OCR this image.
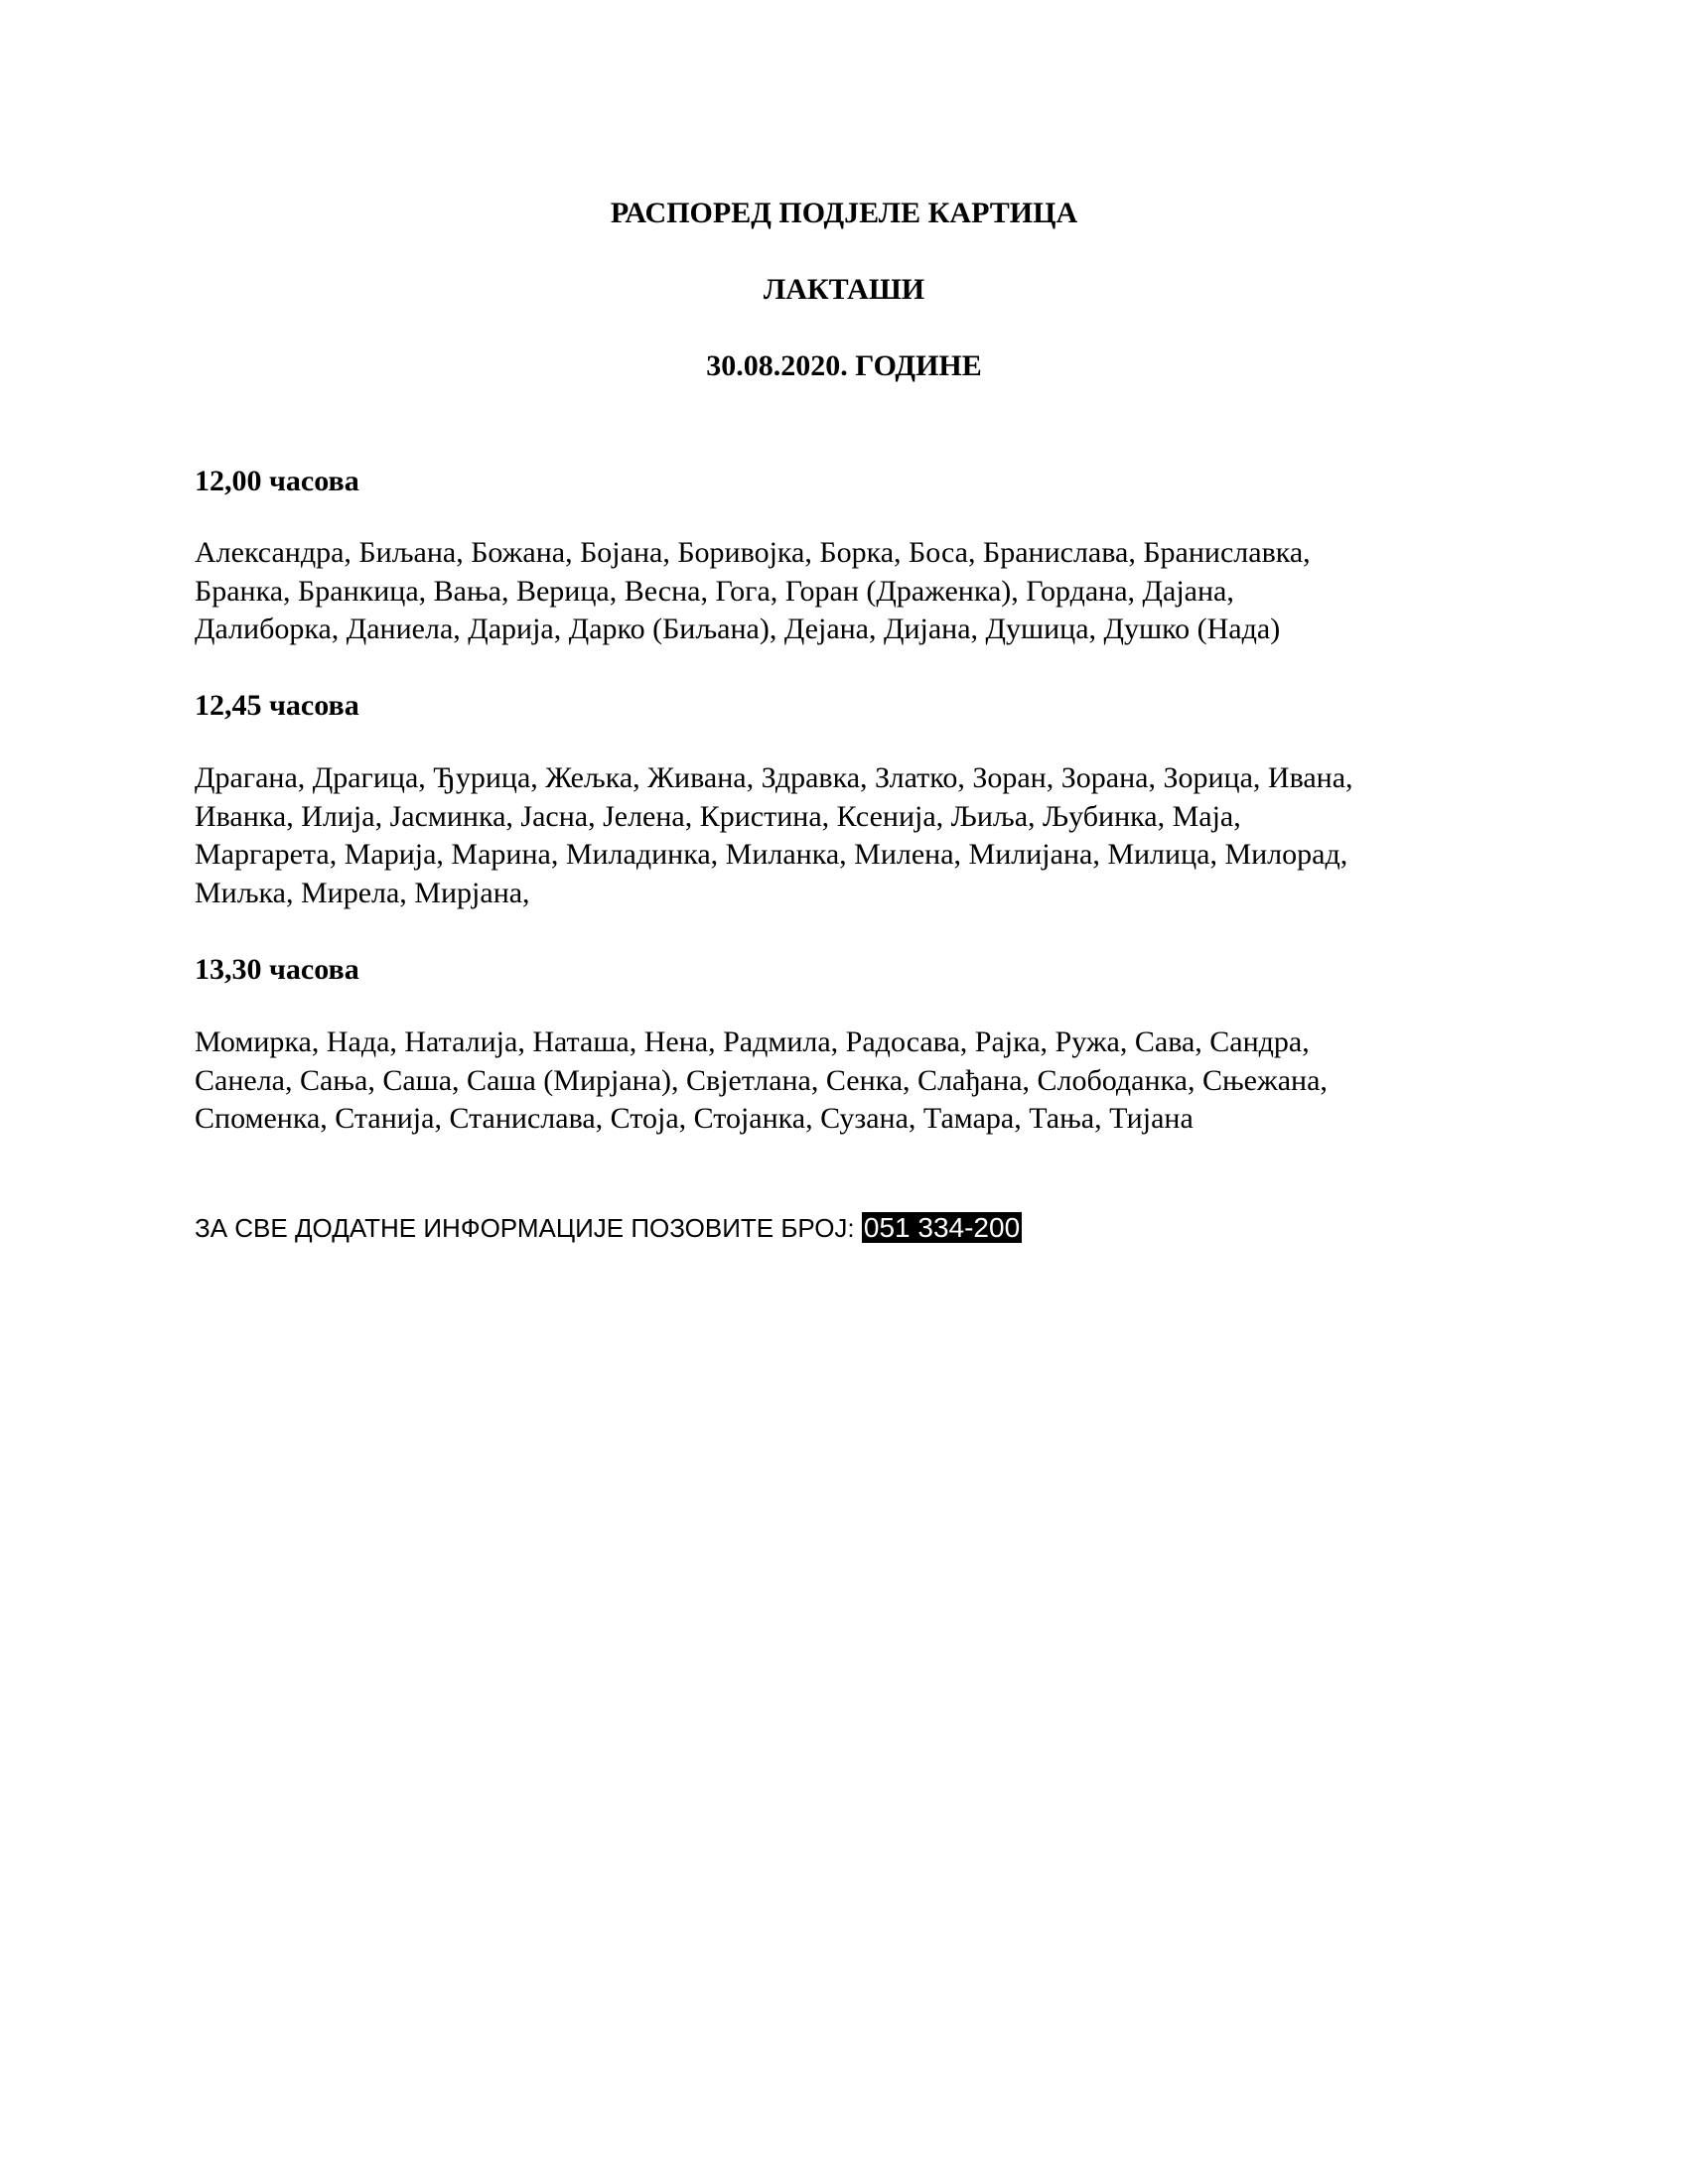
РАСПОРЕД ПОДЈЕЛЕ КАРТИЦА
ЛАКТАШИ
30.08.2020. ГОДИНЕ
12,00 часова
Александра, Биљана, Божана, Бојана, Боривојка, Борка, Боса, Бранислава, Браниславка,
Бранка, Бранкица, Вања, Верица, Весна, Гога, Горан (Драженка), Гордана, Дајана,
Далиборка, Даниела, Дарија, Дарко (Биљана), Дејана, Дијана, Душица, Душко (Нада)
12,45 часова
Драгана, Драгица, Ђурица, Жељка, Живана, Здравка, Златко, Зоран, Зорана, Зорица, Ивана,
Иванка, Илија, Јасминка, Јасна, Јелена, Кристина, Ксенија, Љиља, Љубинка, Маја,
Маргарета, Марија, Марина, Миладинка, Миланка, Милена, Милијана, Милица, Милорад,
Миљка, Мирела, Мирјана,
13,30 часова
Момирка, Нада, Наталија, Наташа, Нена, Радмила, Радосава, Рајка, Ружа, Сава, Сандра,
Санела, Сања, Саша, Саша (Мирјана), Свјетлана, Сенка, Слађана, Слободанка, Сњежана,
Споменка, Станија, Станислава, Стоја, Стојанка, Сузана, Тамара, Тања, Тијана
ЗА СВЕ ДОДАТНЕ ИНФОРМАЦИЈЕ ПОЗОВИТЕ БРОЈ: 051 334-200
